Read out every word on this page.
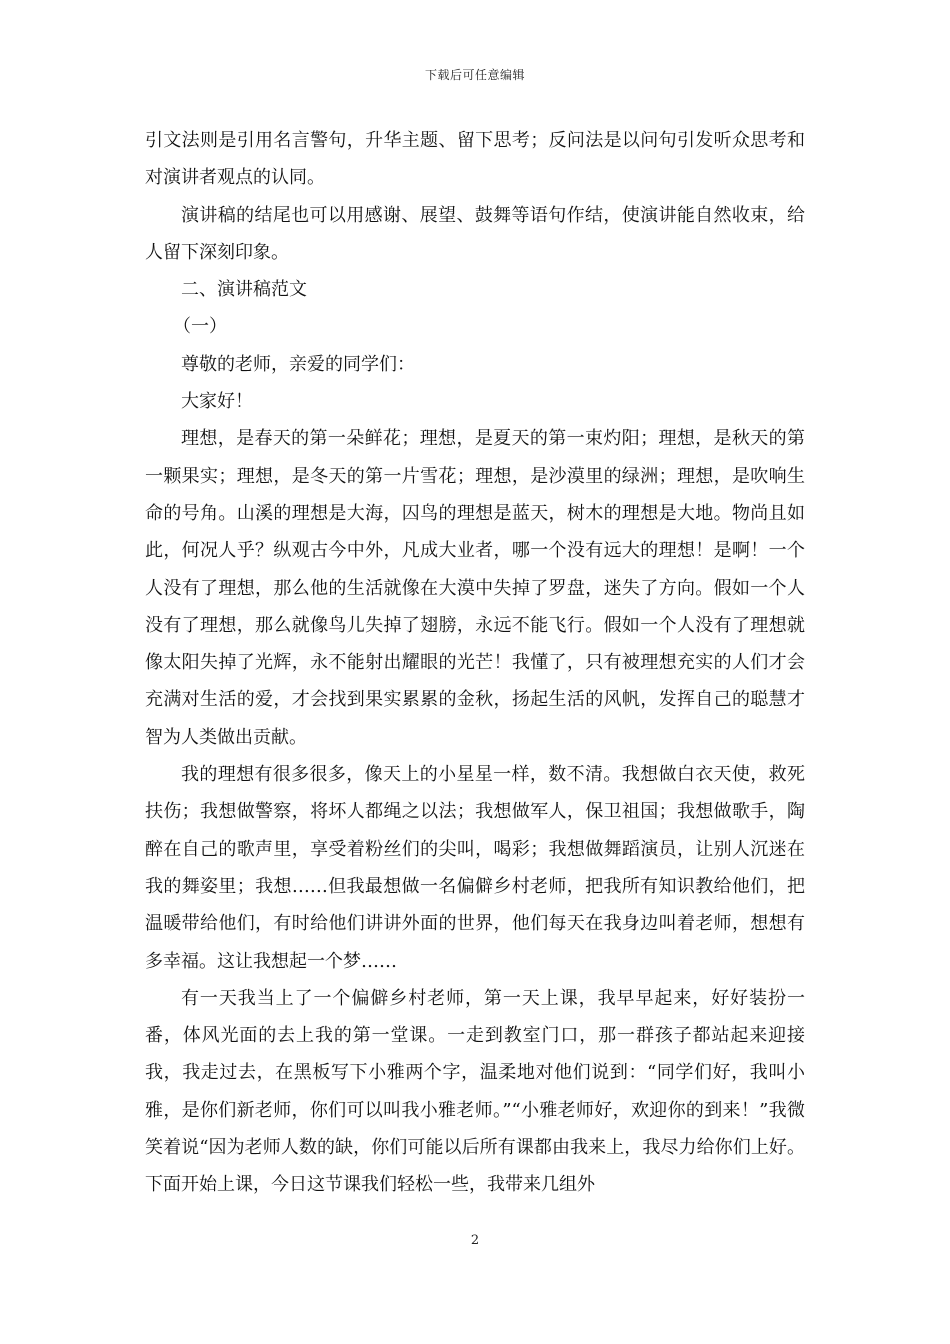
下载后可任意编辑

引文法则是引用名言警句，升华主题、留下思考；反问法是以问句引发听众思考和对演讲者观点的认同。

演讲稿的结尾也可以用感谢、展望、鼓舞等语句作结，使演讲能自然收束，给人留下深刻印象。

二、演讲稿范文

（一）

尊敬的老师，亲爱的同学们：

大家好！

理想，是春天的第一朵鲜花；理想，是夏天的第一束灼阳；理想，是秋天的第一颗果实；理想，是冬天的第一片雪花；理想，是沙漠里的绿洲；理想，是吹响生命的号角。山溪的理想是大海，囚鸟的理想是蓝天，树木的理想是大地。物尚且如此，何况人乎？纵观古今中外，凡成大业者，哪一个没有远大的理想！是啊！一个人没有了理想，那么他的生活就像在大漠中失掉了罗盘，迷失了方向。假如一个人没有了理想，那么就像鸟儿失掉了翅膀，永远不能飞行。假如一个人没有了理想就像太阳失掉了光辉，永不能射出耀眼的光芒！我懂了，只有被理想充实的人们才会充满对生活的爱，才会找到果实累累的金秋，扬起生活的风帆，发挥自己的聪慧才智为人类做出贡献。

我的理想有很多很多，像天上的小星星一样，数不清。我想做白衣天使，救死扶伤；我想做警察，将坏人都绳之以法；我想做军人，保卫祖国；我想做歌手，陶醉在自己的歌声里，享受着粉丝们的尖叫，喝彩；我想做舞蹈演员，让别人沉迷在我的舞姿里；我想……但我最想做一名偏僻乡村老师，把我所有知识教给他们，把温暖带给他们，有时给他们讲讲外面的世界，他们每天在我身边叫着老师，想想有多幸福。这让我想起一个梦……

有一天我当上了一个偏僻乡村老师，第一天上课，我早早起来，好好装扮一番，体风光面的去上我的第一堂课。一走到教室门口，那一群孩子都站起来迎接我，我走过去，在黑板写下小雅两个字，温柔地对他们说到：“同学们好，我叫小雅，是你们新老师，你们可以叫我小雅老师。”“小雅老师好，欢迎你的到来！”我微笑着说“因为老师人数的缺，你们可能以后所有课都由我来上，我尽力给你们上好。下面开始上课，今日这节课我们轻松一些，我带来几组外

2
